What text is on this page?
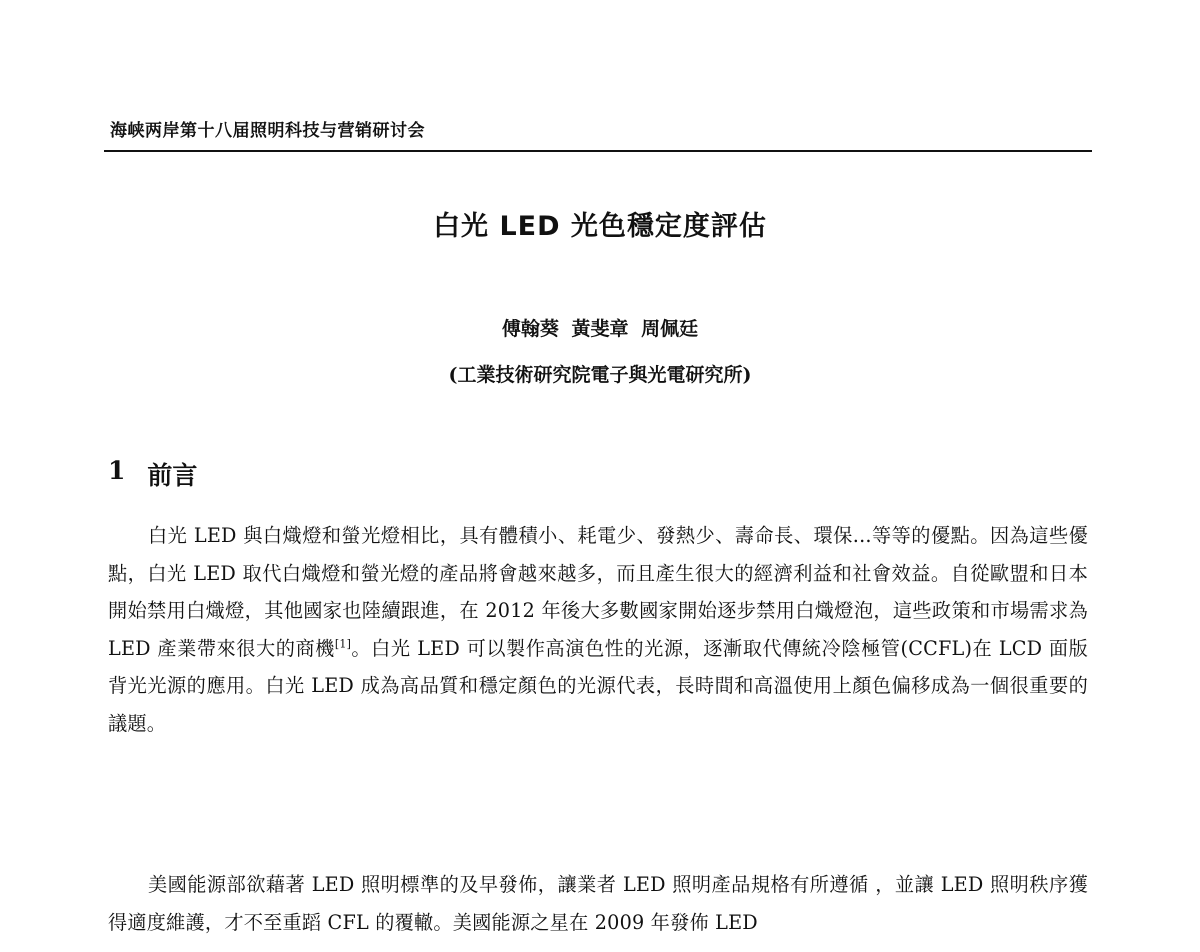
海峡两岸第十八届照明科技与营销研讨会
白光 LED 光色穩定度評估
傅翰葵 黃斐章 周佩廷
(工業技術研究院電子與光電研究所)
1 前言

白光 LED 與白熾燈和螢光燈相比，具有體積小、耗電少、發熱少、壽命長、環保...等等的優點。因為這些優點，白光 LED 取代白熾燈和螢光燈的產品將會越來越多，而且產生很大的經濟利益和社會效益。自從歐盟和日本開始禁用白熾燈，其他國家也陸續跟進，在 2012 年後大多數國家開始逐步禁用白熾燈泡，這些政策和市場需求為 LED 產業帶來很大的商機[1]。白光 LED 可以製作高演色性的光源，逐漸取代傳統冷陰極管(CCFL)在 LCD 面版背光光源的應用。白光 LED 成為高品質和穩定顏色的光源代表，長時間和高溫使用上顏色偏移成為一個很重要的議題。

美國能源部欲藉著 LED 照明標準的及早發佈，讓業者 LED 照明產品規格有所遵循 ，並讓 LED 照明秩序獲得適度維護，才不至重蹈 CFL 的覆轍。美國能源之星在 2009 年發佈 LED
